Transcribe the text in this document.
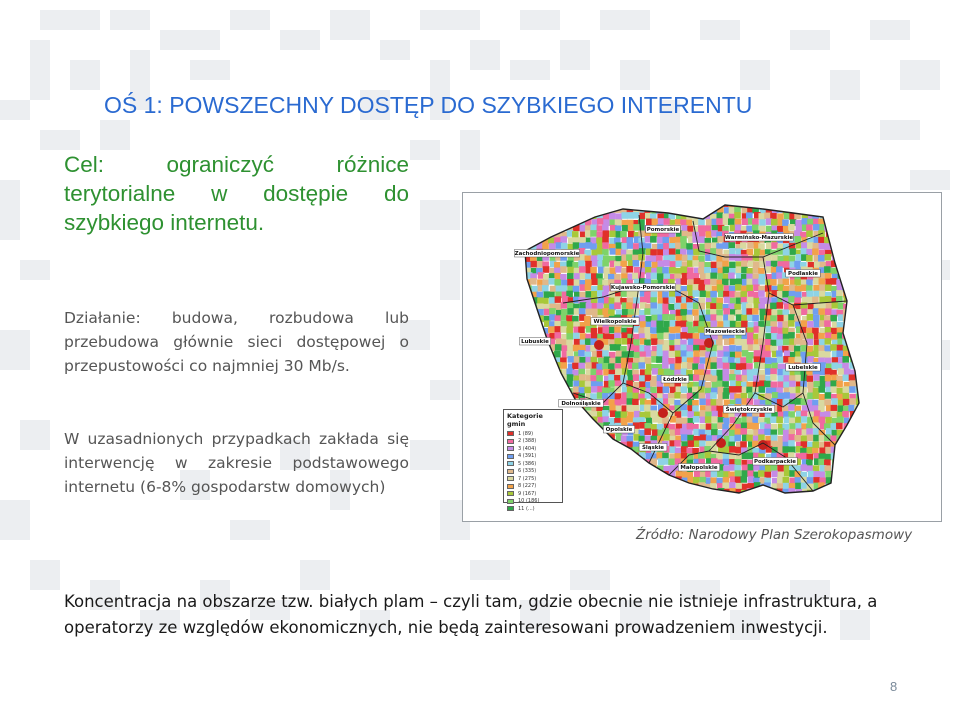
OŚ 1: POWSZECHNY DOSTĘP DO SZYBKIEGO INTERENTU

Cel: ograniczyć różnice terytorialne w dostępie do szybkiego internetu.

Działanie: budowa, rozbudowa lub przebudowa głównie sieci dostępowej o przepustowości co najmniej 30 Mb/s.

W uzasadnionych przypadkach zakłada się interwencję w zakresie podstawowego internetu (6-8% gospodarstw domowych)

Pomorskie
Zachodniopomorskie
Warmińsko-Mazurskie
Kujawsko-Pomorskie
Podlaskie
Lubuskie
Wielkopolskie
Mazowieckie
Łódzkie
Dolnośląskie
Świętokrzyskie
Lubelskie
Opolskie
Śląskie
Małopolskie
Podkarpackie
Kategorie gmin
1 (89)
2 (388)
3 (404)
4 (391)
5 (386)
6 (335)
7 (275)
8 (227)
9 (167)
10 (186)
11 (...)

Źródło: Narodowy Plan Szerokopasmowy

Koncentracja na obszarze tzw. białych plam – czyli tam, gdzie obecnie nie istnieje infrastruktura, a operatorzy ze względów ekonomicznych, nie będą zainteresowani prowadzeniem inwestycji.

8
